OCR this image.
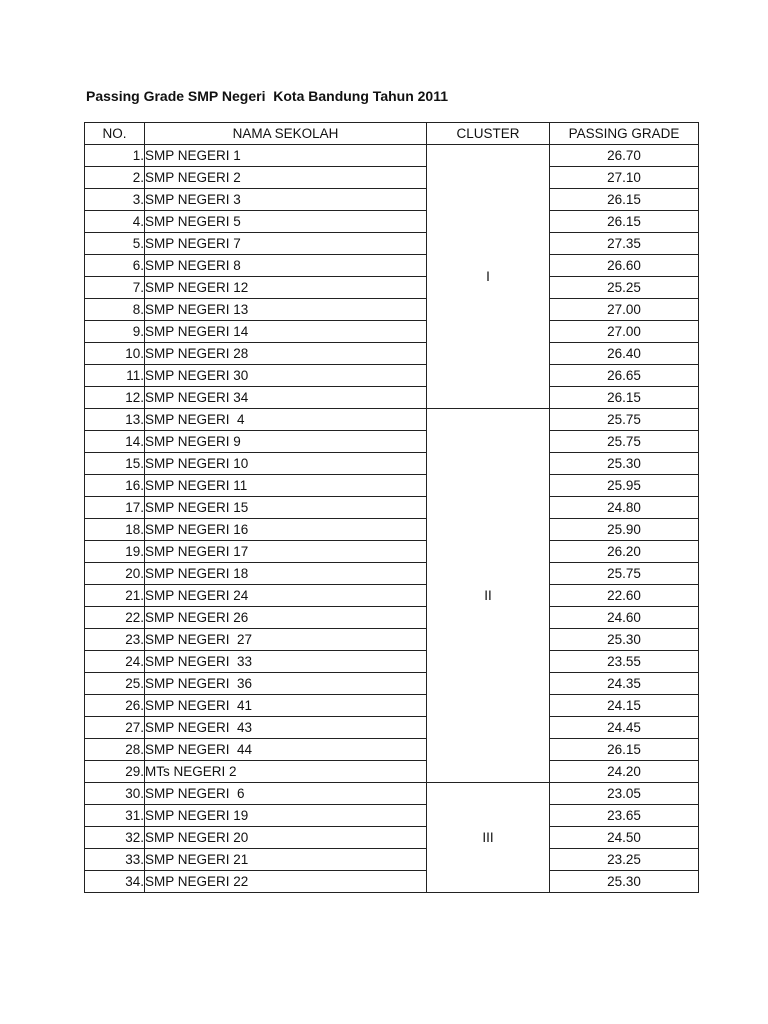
Passing Grade SMP Negeri  Kota Bandung Tahun 2011
NO.	NAMA SEKOLAH	CLUSTER	PASSING GRADE
1.	SMP NEGERI 1	I	26.70
2.	SMP NEGERI 2		27.10
3.	SMP NEGERI 3		26.15
4.	SMP NEGERI 5		26.15
5.	SMP NEGERI 7		27.35
6.	SMP NEGERI 8		26.60
7.	SMP NEGERI 12		25.25
8.	SMP NEGERI 13		27.00
9.	SMP NEGERI 14		27.00
10.	SMP NEGERI 28		26.40
11.	SMP NEGERI 30		26.65
12.	SMP NEGERI 34		26.15
13.	SMP NEGERI  4	II	25.75
14.	SMP NEGERI 9		25.75
15.	SMP NEGERI 10		25.30
16.	SMP NEGERI 11		25.95
17.	SMP NEGERI 15		24.80
18.	SMP NEGERI 16		25.90
19.	SMP NEGERI 17		26.20
20.	SMP NEGERI 18		25.75
21.	SMP NEGERI 24		22.60
22.	SMP NEGERI 26		24.60
23.	SMP NEGERI  27		25.30
24.	SMP NEGERI  33		23.55
25.	SMP NEGERI  36		24.35
26.	SMP NEGERI  41		24.15
27.	SMP NEGERI  43		24.45
28.	SMP NEGERI  44		26.15
29.	MTs NEGERI 2		24.20
30.	SMP NEGERI  6	III	23.05
31.	SMP NEGERI 19		23.65
32.	SMP NEGERI 20		24.50
33.	SMP NEGERI 21		23.25
34.	SMP NEGERI 22		25.30
